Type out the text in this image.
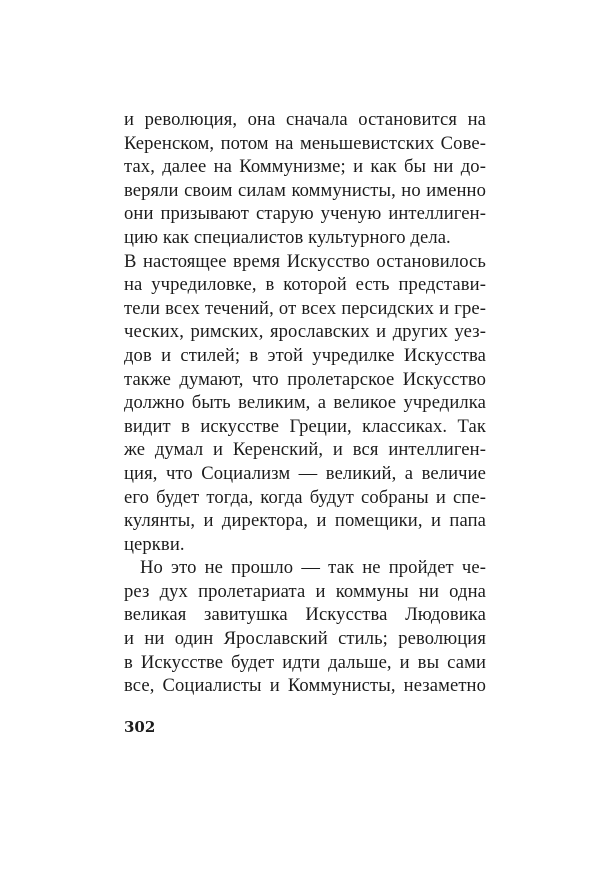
и революция, она сначала остановится на
Керенском, потом на меньшевистских Сове-
тах, далее на Коммунизме; и как бы ни до-
веряли своим силам коммунисты, но именно
они призывают старую ученую интеллиген-
цию как специалистов культурного дела.
В настоящее время Искусство остановилось
на учредиловке, в которой есть представи-
тели всех течений, от всех персидских и гре-
ческих, римских, ярославских и других уез-
дов и стилей; в этой учредилке Искусства
также думают, что пролетарское Искусство
должно быть великим, а великое учредилка
видит в искусстве Греции, классиках. Так
же думал и Керенский, и вся интеллиген-
ция, что Социализм — великий, а величие
его будет тогда, когда будут собраны и спе-
кулянты, и директора, и помещики, и папа
церкви.
Но это не прошло — так не пройдет че-
рез дух пролетариата и коммуны ни одна
великая завитушка Искусства Людовика
и ни один Ярославский стиль; революция
в Искусстве будет идти дальше, и вы сами
все, Социалисты и Коммунисты, незаметно
302
